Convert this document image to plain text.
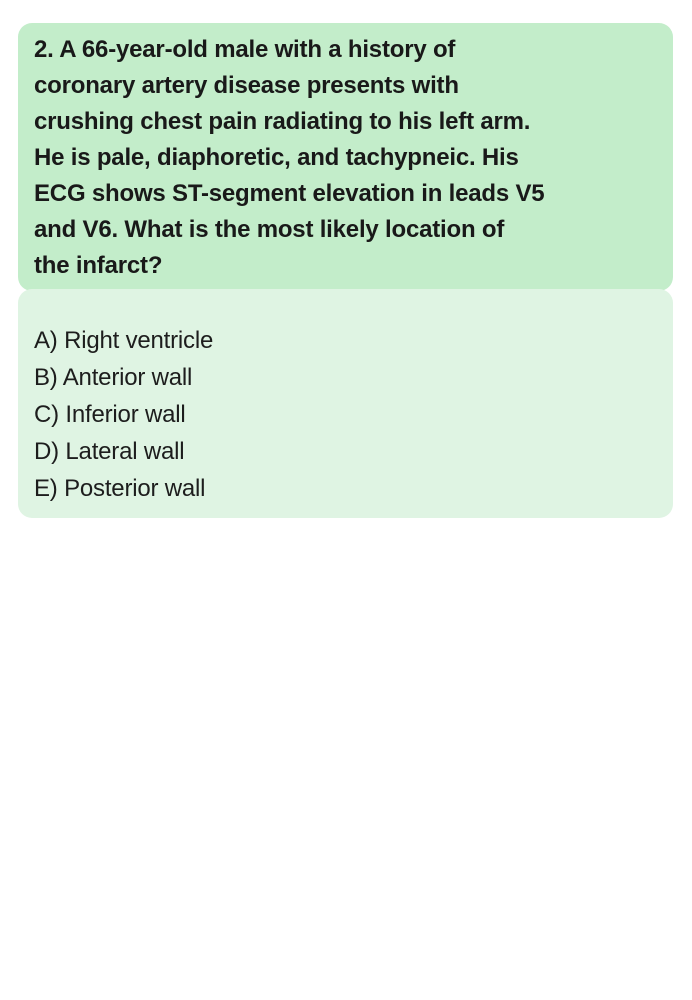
2. A 66-year-old male with a history of
coronary artery disease presents with
crushing chest pain radiating to his left arm.
He is pale, diaphoretic, and tachypneic. His
ECG shows ST-segment elevation in leads V5
and V6. What is the most likely location of
the infarct?
A) Right ventricle
B) Anterior wall
C) Inferior wall
D) Lateral wall
E) Posterior wall
